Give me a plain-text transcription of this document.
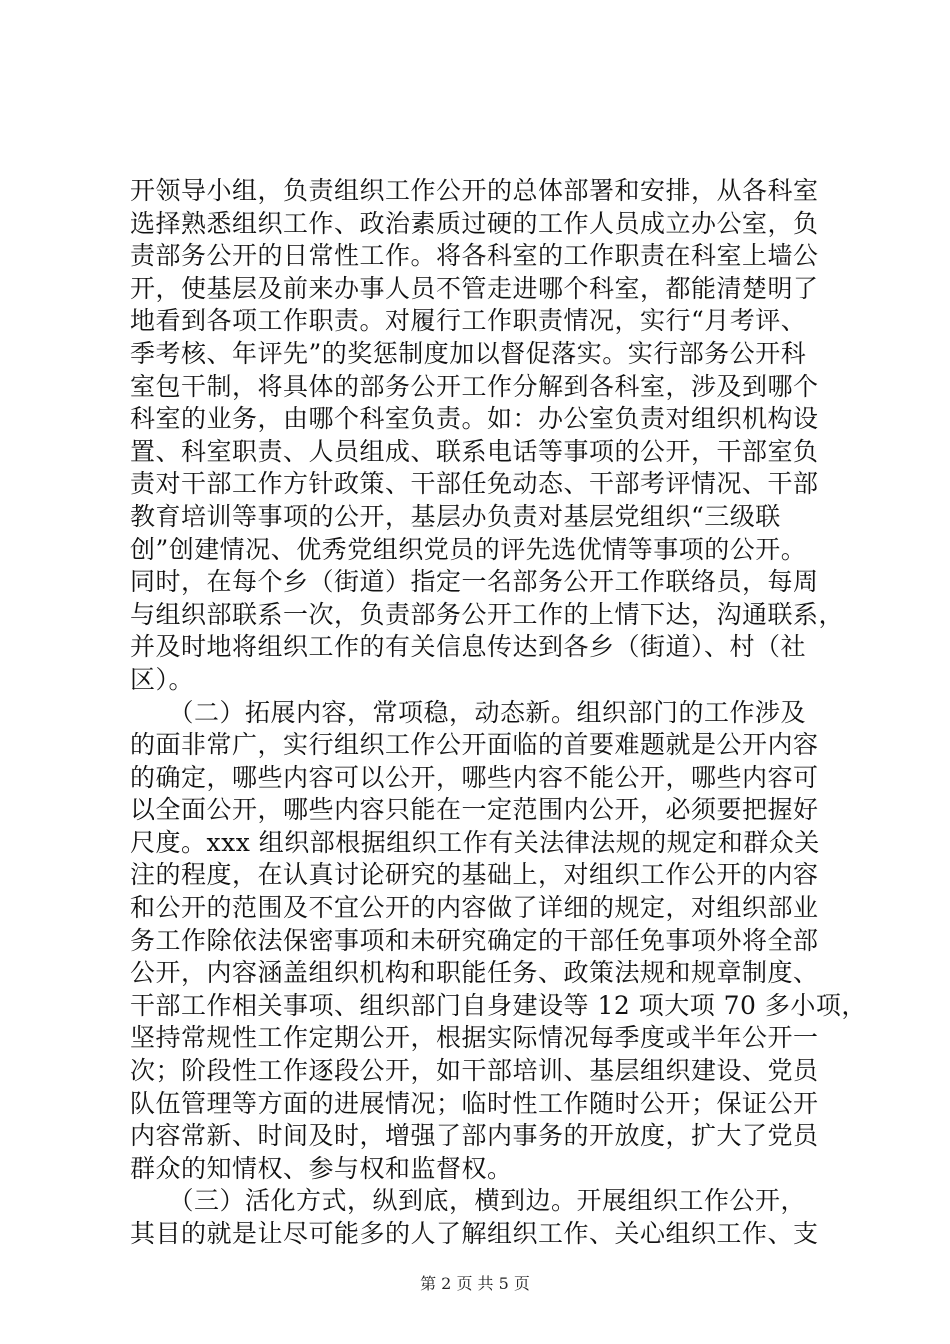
开领导小组，负责组织工作公开的总体部署和安排，从各科室
选择熟悉组织工作、政治素质过硬的工作人员成立办公室，负
责部务公开的日常性工作。将各科室的工作职责在科室上墙公
开，使基层及前来办事人员不管走进哪个科室，都能清楚明了
地看到各项工作职责。对履行工作职责情况，实行“月考评、
季考核、年评先”的奖惩制度加以督促落实。实行部务公开科
室包干制，将具体的部务公开工作分解到各科室，涉及到哪个
科室的业务，由哪个科室负责。如：办公室负责对组织机构设
置、科室职责、人员组成、联系电话等事项的公开，干部室负
责对干部工作方针政策、干部任免动态、干部考评情况、干部
教育培训等事项的公开，基层办负责对基层党组织“三级联
创”创建情况、优秀党组织党员的评先选优情等事项的公开。
同时，在每个乡（街道）指定一名部务公开工作联络员，每周
与组织部联系一次，负责部务公开工作的上情下达，沟通联系，
并及时地将组织工作的有关信息传达到各乡（街道）、村（社
区）。
　　（二）拓展内容，常项稳，动态新。组织部门的工作涉及
的面非常广，实行组织工作公开面临的首要难题就是公开内容
的确定，哪些内容可以公开，哪些内容不能公开，哪些内容可
以全面公开，哪些内容只能在一定范围内公开，必须要把握好
尺度。xxx 组织部根据组织工作有关法律法规的规定和群众关
注的程度，在认真讨论研究的基础上，对组织工作公开的内容
和公开的范围及不宜公开的内容做了详细的规定，对组织部业
务工作除依法保密事项和未研究确定的干部任免事项外将全部
公开，内容涵盖组织机构和职能任务、政策法规和规章制度、
干部工作相关事项、组织部门自身建设等 12 项大项 70 多小项，
坚持常规性工作定期公开，根据实际情况每季度或半年公开一
次；阶段性工作逐段公开，如干部培训、基层组织建设、党员
队伍管理等方面的进展情况；临时性工作随时公开；保证公开
内容常新、时间及时，增强了部内事务的开放度，扩大了党员
群众的知情权、参与权和监督权。
　　（三）活化方式，纵到底，横到边。开展组织工作公开，
其目的就是让尽可能多的人了解组织工作、关心组织工作、支
第 2 页 共 5 页
